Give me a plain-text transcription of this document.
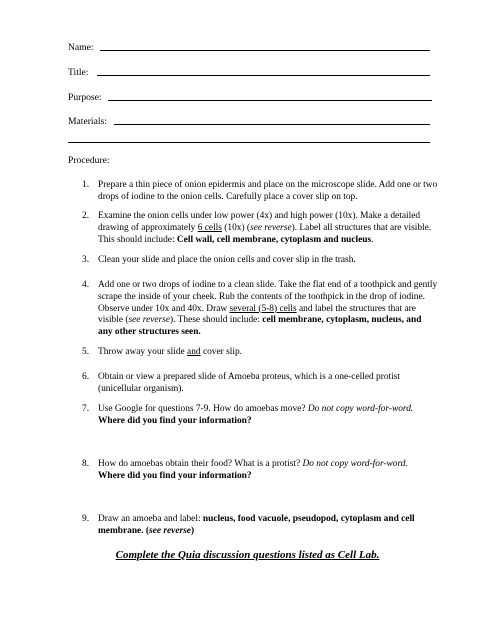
Name:
Title:
Purpose:
Materials:
Procedure:
1. Prepare a thin piece of onion epidermis and place on the microscope slide. Add one or two drops of iodine to the onion cells. Carefully place a cover slip on top.
2. Examine the onion cells under low power (4x) and high power (10x). Make a detailed drawing of approximately 6 cells (10x) (see reverse). Label all structures that are visible. This should include: Cell wall, cell membrane, cytoplasm and nucleus.
3. Clean your slide and place the onion cells and cover slip in the trash.
4. Add one or two drops of iodine to a clean slide. Take the flat end of a toothpick and gently scrape the inside of your cheek. Rub the contents of the toothpick in the drop of iodine. Observe under 10x and 40x. Draw several (5-8) cells and label the structures that are visible (see reverse). These should include: cell membrane, cytoplasm, nucleus, and any other structures seen.
5. Throw away your slide and cover slip.
6. Obtain or view a prepared slide of Amoeba proteus, which is a one-celled protist (unicellular organism).
7. Use Google for questions 7-9. How do amoebas move? Do not copy word-for-word.
Where did you find your information?
8. How do amoebas obtain their food? What is a protist? Do not copy word-for-word.
Where did you find your information?
9. Draw an amoeba and label: nucleus, food vacuole, pseudopod, cytoplasm and cell membrane. (see reverse)
Complete the Quia discussion questions listed as Cell Lab.
